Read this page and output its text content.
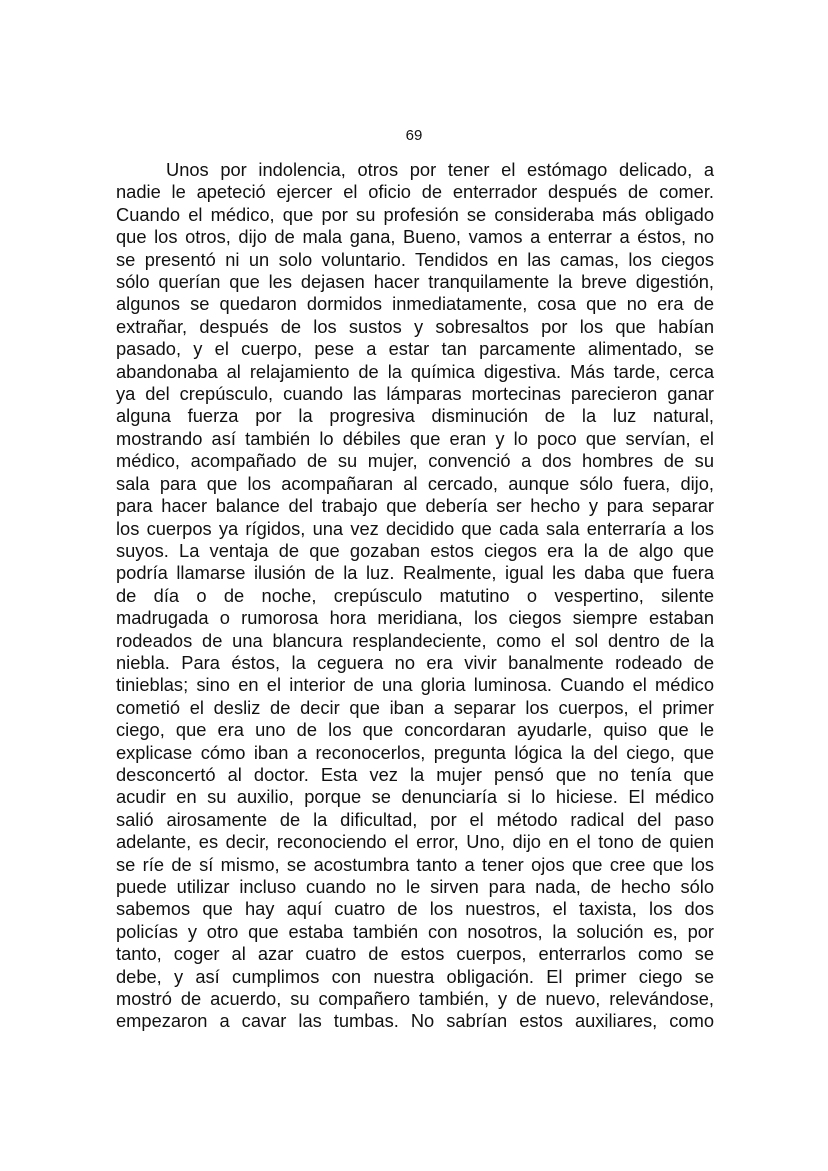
69
Unos por indolencia, otros por tener el estómago delicado, a
nadie le apeteció ejercer el oficio de enterrador después de comer.
Cuando el médico, que por su profesión se consideraba más obligado
que los otros, dijo de mala gana, Bueno, vamos a enterrar a éstos, no
se presentó ni un solo voluntario. Tendidos en las camas, los ciegos
sólo querían que les dejasen hacer tranquilamente la breve digestión,
algunos se quedaron dormidos inmediatamente, cosa que no era de
extrañar, después de los sustos y sobresaltos por los que habían
pasado, y el cuerpo, pese a estar tan parcamente alimentado, se
abandonaba al relajamiento de la química digestiva. Más tarde, cerca
ya del crepúsculo, cuando las lámparas mortecinas parecieron ganar
alguna fuerza por la progresiva disminución de la luz natural,
mostrando así también lo débiles que eran y lo poco que servían, el
médico, acompañado de su mujer, convenció a dos hombres de su
sala para que los acompañaran al cercado, aunque sólo fuera, dijo,
para hacer balance del trabajo que debería ser hecho y para separar
los cuerpos ya rígidos, una vez decidido que cada sala enterraría a los
suyos. La ventaja de que gozaban estos ciegos era la de algo que
podría llamarse ilusión de la luz. Realmente, igual les daba que fuera
de día o de noche, crepúsculo matutino o vespertino, silente
madrugada o rumorosa hora meridiana, los ciegos siempre estaban
rodeados de una blancura resplandeciente, como el sol dentro de la
niebla. Para éstos, la ceguera no era vivir banalmente rodeado de
tinieblas; sino en el interior de una gloria luminosa. Cuando el médico
cometió el desliz de decir que iban a separar los cuerpos, el primer
ciego, que era uno de los que concordaran ayudarle, quiso que le
explicase cómo iban a reconocerlos, pregunta lógica la del ciego, que
desconcertó al doctor. Esta vez la mujer pensó que no tenía que
acudir en su auxilio, porque se denunciaría si lo hiciese. El médico
salió airosamente de la dificultad, por el método radical del paso
adelante, es decir, reconociendo el error, Uno, dijo en el tono de quien
se ríe de sí mismo, se acostumbra tanto a tener ojos que cree que los
puede utilizar incluso cuando no le sirven para nada, de hecho sólo
sabemos que hay aquí cuatro de los nuestros, el taxista, los dos
policías y otro que estaba también con nosotros, la solución es, por
tanto, coger al azar cuatro de estos cuerpos, enterrarlos como se
debe, y así cumplimos con nuestra obligación. El primer ciego se
mostró de acuerdo, su compañero también, y de nuevo, relevándose,
empezaron a cavar las tumbas. No sabrían estos auxiliares, como
